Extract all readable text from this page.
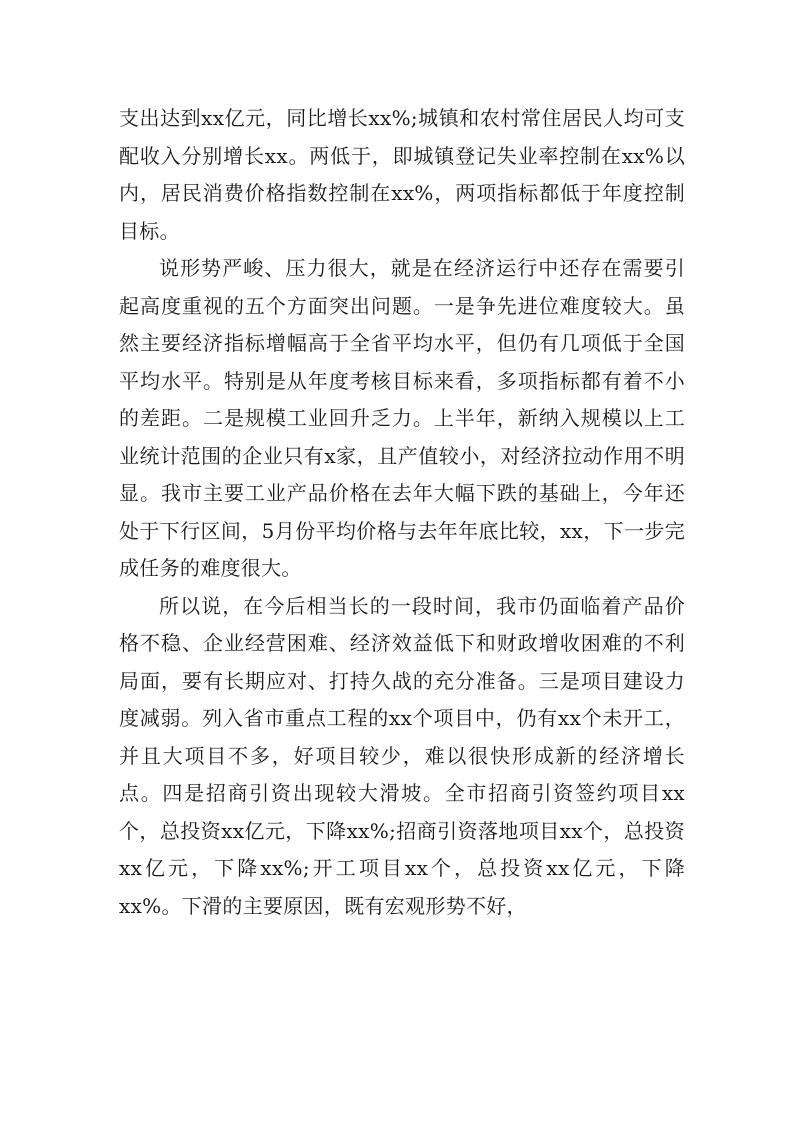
支出达到xx亿元，同比增长xx%;城镇和农村常住居民人均可支配收入分别增长xx。两低于，即城镇登记失业率控制在xx%以内，居民消费价格指数控制在xx%，两项指标都低于年度控制目标。

说形势严峻、压力很大，就是在经济运行中还存在需要引起高度重视的五个方面突出问题。一是争先进位难度较大。虽然主要经济指标增幅高于全省平均水平，但仍有几项低于全国平均水平。特别是从年度考核目标来看，多项指标都有着不小的差距。二是规模工业回升乏力。上半年，新纳入规模以上工业统计范围的企业只有x家，且产值较小，对经济拉动作用不明显。我市主要工业产品价格在去年大幅下跌的基础上，今年还处于下行区间，5月份平均价格与去年年底比较，xx，下一步完成任务的难度很大。

所以说，在今后相当长的一段时间，我市仍面临着产品价格不稳、企业经营困难、经济效益低下和财政增收困难的不利局面，要有长期应对、打持久战的充分准备。三是项目建设力度减弱。列入省市重点工程的xx个项目中，仍有xx个未开工，并且大项目不多，好项目较少，难以很快形成新的经济增长点。四是招商引资出现较大滑坡。全市招商引资签约项目xx个，总投资xx亿元，下降xx%;招商引资落地项目xx个，总投资xx亿元，下降xx%;开工项目xx个，总投资xx亿元，下降xx%。下滑的主要原因，既有宏观形势不好，
